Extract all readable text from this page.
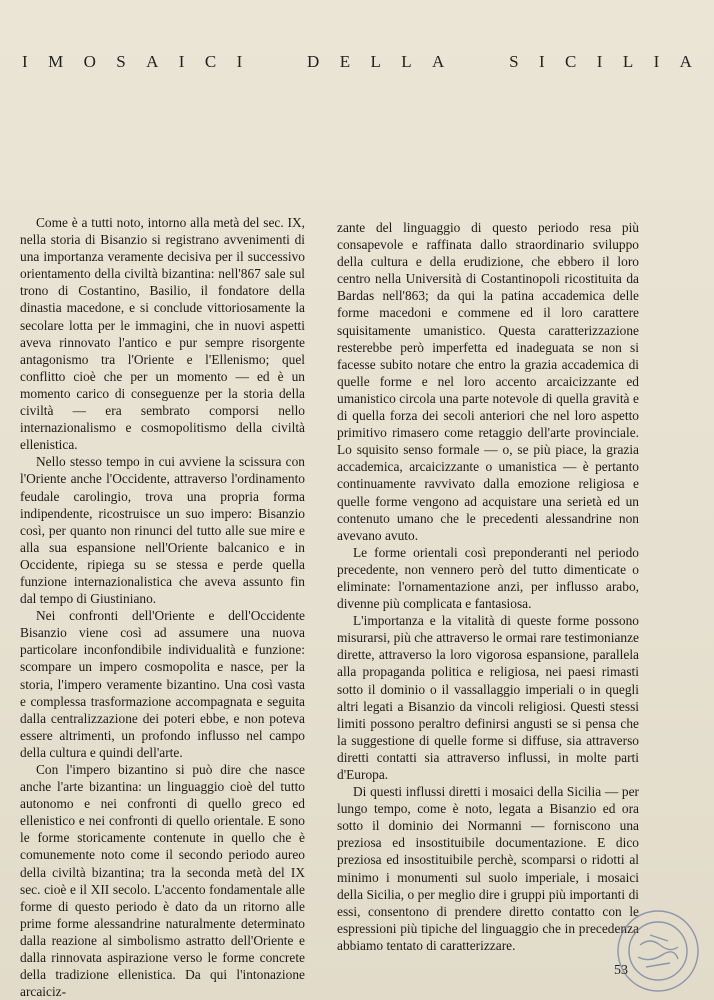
I M O S A I C I	D E L L A	S I C I L I A

Come è a tutti noto, intorno alla metà del sec. IX, nella storia di Bisanzio si registrano avvenimenti di una importanza veramente decisiva per il successivo orientamento della civiltà bizantina: nell'867 sale sul trono di Costantino, Basilio, il fondatore della dinastia macedone, e si conclude vittoriosamente la secolare lotta per le immagini, che in nuovi aspetti aveva rinnovato l'antico e pur sempre risorgente antagonismo tra l'Oriente e l'Ellenismo; quel conflitto cioè che per un momento — ed è un momento carico di conseguenze per la storia della civiltà — era sembrato comporsi nello internazionalismo e cosmopolitismo della civiltà ellenistica.

Nello stesso tempo in cui avviene la scissura con l'Oriente anche l'Occidente, attraverso l'ordinamento feudale carolingio, trova una propria forma indipendente, ricostruisce un suo impero: Bisanzio così, per quanto non rinunci del tutto alle sue mire e alla sua espansione nell'Oriente balcanico e in Occidente, ripiega su se stessa e perde quella funzione internazionalistica che aveva assunto fin dal tempo di Giustiniano.

Nei confronti dell'Oriente e dell'Occidente Bisanzio viene così ad assumere una nuova particolare inconfondibile individualità e funzione: scompare un impero cosmopolita e nasce, per la storia, l'impero veramente bizantino. Una così vasta e complessa trasformazione accompagnata e seguita dalla centralizzazione dei poteri ebbe, e non poteva essere altrimenti, un profondo influsso nel campo della cultura e quindi dell'arte.

Con l'impero bizantino si può dire che nasce anche l'arte bizantina: un linguaggio cioè del tutto autonomo e nei confronti di quello greco ed ellenistico e nei confronti di quello orientale. E sono le forme storicamente contenute in quello che è comunemente noto come il secondo periodo aureo della civiltà bizantina; tra la seconda metà del IX sec. cioè e il XII secolo. L'accento fondamentale alle forme di questo periodo è dato da un ritorno alle prime forme alessandrine naturalmente determinato dalla reazione al simbolismo astratto dell'Oriente e dalla rinnovata aspirazione verso le forme concrete della tradizione ellenistica. Da qui l'intonazione arcaiciz-

zante del linguaggio di questo periodo resa più consapevole e raffinata dallo straordinario sviluppo della cultura e della erudizione, che ebbero il loro centro nella Università di Costantinopoli ricostituita da Bardas nell'863; da qui la patina accademica delle forme macedoni e commene ed il loro carattere squisitamente umanistico. Questa caratterizzazione resterebbe però imperfetta ed inadeguata se non si facesse subito notare che entro la grazia accademica di quelle forme e nel loro accento arcaicizzante ed umanistico circola una parte notevole di quella gravità e di quella forza dei secoli anteriori che nel loro aspetto primitivo rimasero come retaggio dell'arte provinciale. Lo squisito senso formale — o, se più piace, la grazia accademica, arcaicizzante o umanistica — è pertanto continuamente ravvivato dalla emozione religiosa e quelle forme vengono ad acquistare una serietà ed un contenuto umano che le precedenti alessandrine non avevano avuto.

Le forme orientali così preponderanti nel periodo precedente, non vennero però del tutto dimenticate o eliminate: l'ornamentazione anzi, per influsso arabo, divenne più complicata e fantasiosa.

L'importanza e la vitalità di queste forme possono misurarsi, più che attraverso le ormai rare testimonianze dirette, attraverso la loro vigorosa espansione, parallela alla propaganda politica e religiosa, nei paesi rimasti sotto il dominio o il vassallaggio imperiali o in quegli altri legati a Bisanzio da vincoli religiosi. Questi stessi limiti possono peraltro definirsi angusti se si pensa che la suggestione di quelle forme si diffuse, sia attraverso diretti contatti sia attraverso influssi, in molte parti d'Europa.

Di questi influssi diretti i mosaici della Sicilia — per lungo tempo, come è noto, legata a Bisanzio ed ora sotto il dominio dei Normanni — forniscono una preziosa ed insostituibile documentazione. E dico preziosa ed insostituibile perchè, scomparsi o ridotti al minimo i monumenti sul suolo imperiale, i mosaici della Sicilia, o per meglio dire i gruppi più importanti di essi, consentono di prendere diretto contatto con le espressioni più tipiche del linguaggio che in precedenza abbiamo tentato di caratterizzare.

53
